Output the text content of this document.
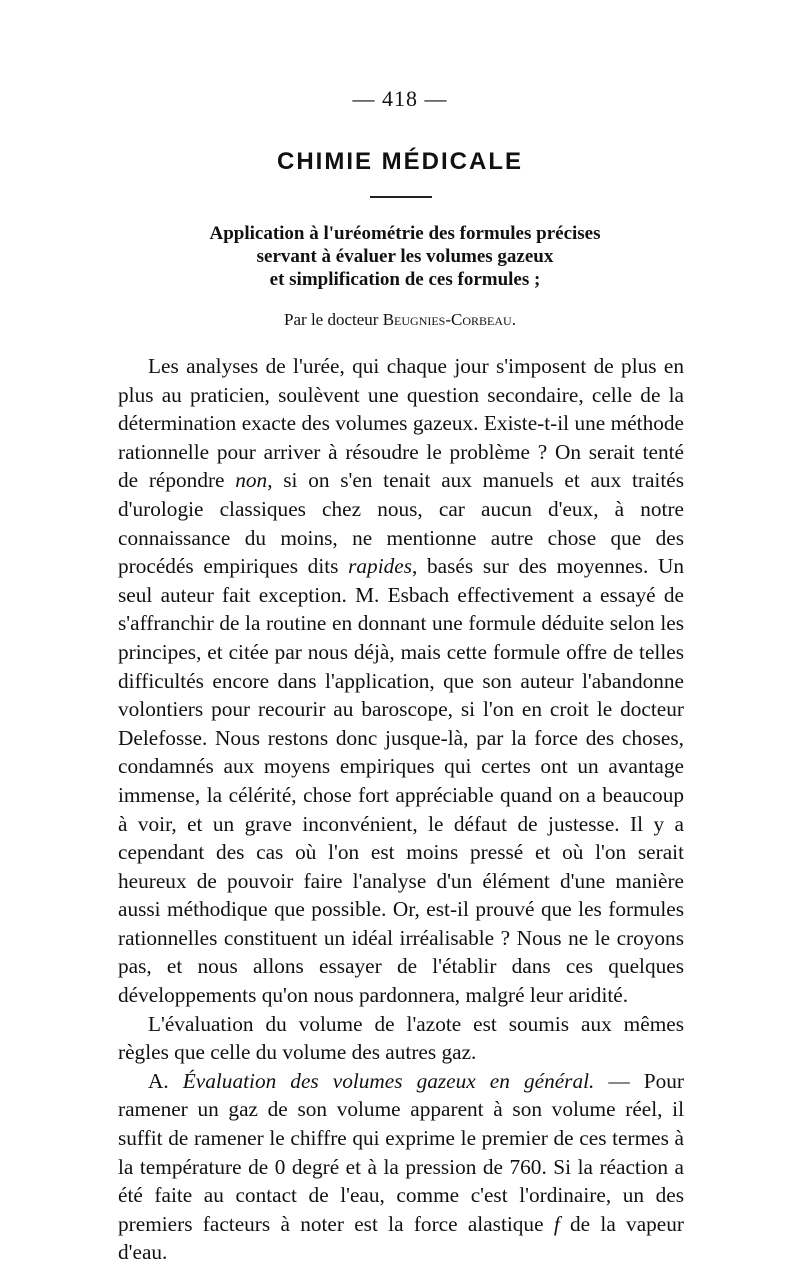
— 418 —
CHIMIE MÉDICALE
Application à l'uréométrie des formules précises
servant à évaluer les volumes gazeux
et simplification de ces formules ;
Par le docteur Beugnies-Corbeau.

Les analyses de l'urée, qui chaque jour s'imposent de plus en plus au praticien, soulèvent une question secondaire, celle de la détermination exacte des volumes gazeux. Existe-t-il une méthode rationnelle pour arriver à résoudre le problème ? On serait tenté de répondre non, si on s'en tenait aux manuels et aux traités d'urologie classiques chez nous, car aucun d'eux, à notre connaissance du moins, ne mentionne autre chose que des procédés empiriques dits rapides, basés sur des moyennes. Un seul auteur fait exception. M. Esbach effectivement a essayé de s'affranchir de la routine en donnant une formule déduite selon les principes, et citée par nous déjà, mais cette formule offre de telles difficultés encore dans l'application, que son auteur l'abandonne volontiers pour recourir au baroscope, si l'on en croit le docteur Delefosse. Nous restons donc jusque-là, par la force des choses, condamnés aux moyens empiriques qui certes ont un avantage immense, la célérité, chose fort appréciable quand on a beaucoup à voir, et un grave inconvénient, le défaut de justesse. Il y a cependant des cas où l'on est moins pressé et où l'on serait heureux de pouvoir faire l'analyse d'un élément d'une manière aussi méthodique que possible. Or, est-il prouvé que les formules rationnelles constituent un idéal irréalisable ? Nous ne le croyons pas, et nous allons essayer de l'établir dans ces quelques développements qu'on nous pardonnera, malgré leur aridité.

L'évaluation du volume de l'azote est soumis aux mêmes règles que celle du volume des autres gaz.

A. Évaluation des volumes gazeux en général. — Pour ramener un gaz de son volume apparent à son volume réel, il suffit de ramener le chiffre qui exprime le premier de ces termes à la température de 0 degré et à la pression de 760. Si la réaction a été faite au contact de l'eau, comme c'est l'ordinaire, un des premiers facteurs à noter est la force alastique f de la vapeur d'eau.
